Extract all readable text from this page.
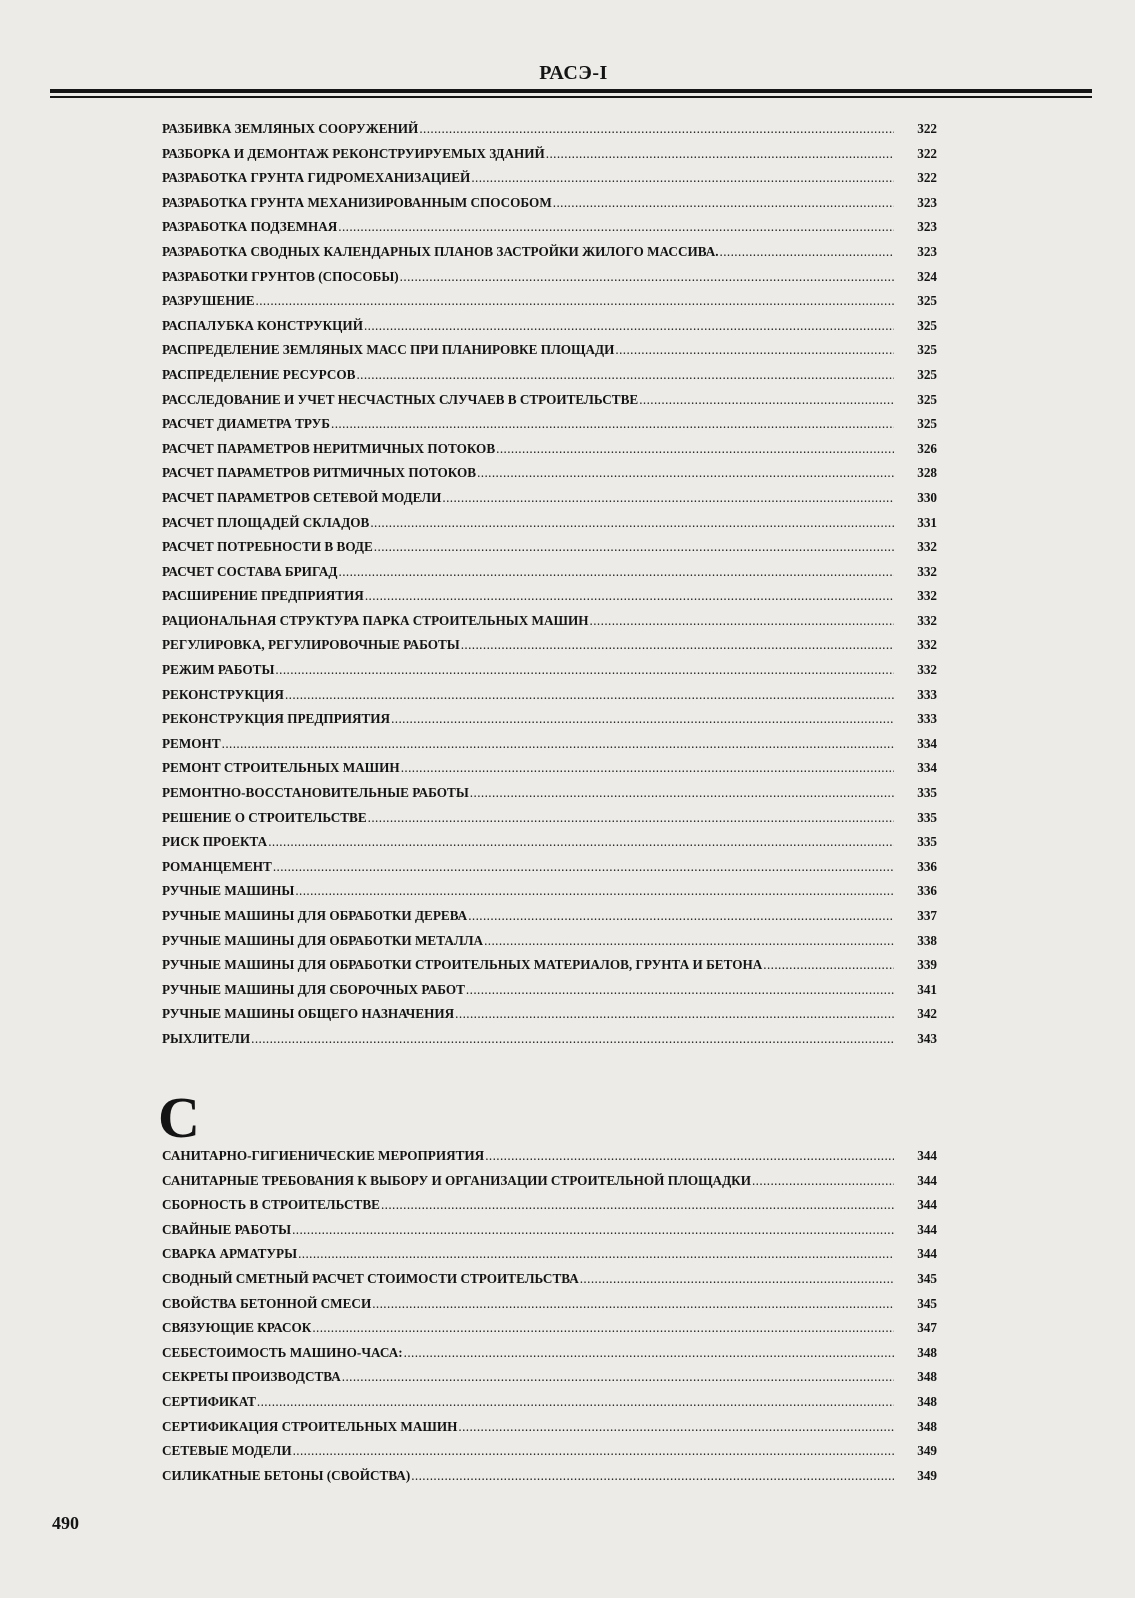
РАСЭ-I
РАЗБИВКА ЗЕМЛЯНЫХ СООРУЖЕНИЙ .....	322
РАЗБОРКА И ДЕМОНТАЖ РЕКОНСТРУИРУЕМЫХ ЗДАНИЙ .....	322
РАЗРАБОТКА ГРУНТА ГИДРОМЕХАНИЗАЦИЕЙ .....	322
РАЗРАБОТКА ГРУНТА МЕХАНИЗИРОВАННЫМ СПОСОБОМ .....	323
РАЗРАБОТКА ПОДЗЕМНАЯ .....	323
РАЗРАБОТКА СВОДНЫХ КАЛЕНДАРНЫХ ПЛАНОВ ЗАСТРОЙКИ ЖИЛОГО МАССИВА. .....	323
РАЗРАБОТКИ ГРУНТОВ (СПОСОБЫ) .....	324
РАЗРУШЕНИЕ .....	325
РАСПАЛУБКА КОНСТРУКЦИЙ .....	325
РАСПРЕДЕЛЕНИЕ ЗЕМЛЯНЫХ МАСС ПРИ ПЛАНИРОВКЕ ПЛОЩАДИ .....	325
РАСПРЕДЕЛЕНИЕ РЕСУРСОВ .....	325
РАССЛЕДОВАНИЕ И УЧЕТ НЕСЧАСТНЫХ СЛУЧАЕВ В СТРОИТЕЛЬСТВЕ .....	325
РАСЧЕТ ДИАМЕТРА ТРУБ .....	325
РАСЧЕТ ПАРАМЕТРОВ НЕРИТМИЧНЫХ ПОТОКОВ .....	326
РАСЧЕТ ПАРАМЕТРОВ РИТМИЧНЫХ ПОТОКОВ .....	328
РАСЧЕТ ПАРАМЕТРОВ СЕТЕВОЙ МОДЕЛИ .....	330
РАСЧЕТ ПЛОЩАДЕЙ СКЛАДОВ .....	331
РАСЧЕТ ПОТРЕБНОСТИ В ВОДЕ .....	332
РАСЧЕТ СОСТАВА БРИГАД .....	332
РАСШИРЕНИЕ ПРЕДПРИЯТИЯ .....	332
РАЦИОНАЛЬНАЯ СТРУКТУРА ПАРКА СТРОИТЕЛЬНЫХ МАШИН .....	332
РЕГУЛИРОВКА, РЕГУЛИРОВОЧНЫЕ РАБОТЫ .....	332
РЕЖИМ РАБОТЫ .....	332
РЕКОНСТРУКЦИЯ .....	333
РЕКОНСТРУКЦИЯ ПРЕДПРИЯТИЯ .....	333
РЕМОНТ .....	334
РЕМОНТ СТРОИТЕЛЬНЫХ МАШИН .....	334
РЕМОНТНО-ВОССТАНОВИТЕЛЬНЫЕ РАБОТЫ .....	335
РЕШЕНИЕ О СТРОИТЕЛЬСТВЕ .....	335
РИСК ПРОЕКТА .....	335
РОМАНЦЕМЕНТ .....	336
РУЧНЫЕ МАШИНЫ .....	336
РУЧНЫЕ МАШИНЫ ДЛЯ ОБРАБОТКИ ДЕРЕВА .....	337
РУЧНЫЕ МАШИНЫ ДЛЯ ОБРАБОТКИ МЕТАЛЛА .....	338
РУЧНЫЕ МАШИНЫ ДЛЯ ОБРАБОТКИ СТРОИТЕЛЬНЫХ МАТЕРИАЛОВ, ГРУНТА И БЕТОНА .....	339
РУЧНЫЕ МАШИНЫ ДЛЯ СБОРОЧНЫХ РАБОТ .....	341
РУЧНЫЕ МАШИНЫ ОБЩЕГО НАЗНАЧЕНИЯ .....	342
РЫХЛИТЕЛИ .....	343
С
САНИТАРНО-ГИГИЕНИЧЕСКИЕ МЕРОПРИЯТИЯ .....	344
САНИТАРНЫЕ ТРЕБОВАНИЯ К ВЫБОРУ И ОРГАНИЗАЦИИ СТРОИТЕЛЬНОЙ ПЛОЩАДКИ .....	344
СБОРНОСТЬ В СТРОИТЕЛЬСТВЕ .....	344
СВАЙНЫЕ РАБОТЫ .....	344
СВАРКА АРМАТУРЫ .....	344
СВОДНЫЙ СМЕТНЫЙ РАСЧЕТ СТОИМОСТИ СТРОИТЕЛЬСТВА .....	345
СВОЙСТВА БЕТОННОЙ СМЕСИ .....	345
СВЯЗУЮЩИЕ КРАСОК .....	347
СЕБЕСТОИМОСТЬ МАШИНО-ЧАСА: .....	348
СЕКРЕТЫ ПРОИЗВОДСТВА .....	348
СЕРТИФИКАТ .....	348
СЕРТИФИКАЦИЯ СТРОИТЕЛЬНЫХ МАШИН .....	348
СЕТЕВЫЕ МОДЕЛИ .....	349
СИЛИКАТНЫЕ БЕТОНЫ (СВОЙСТВА) .....	349
490
